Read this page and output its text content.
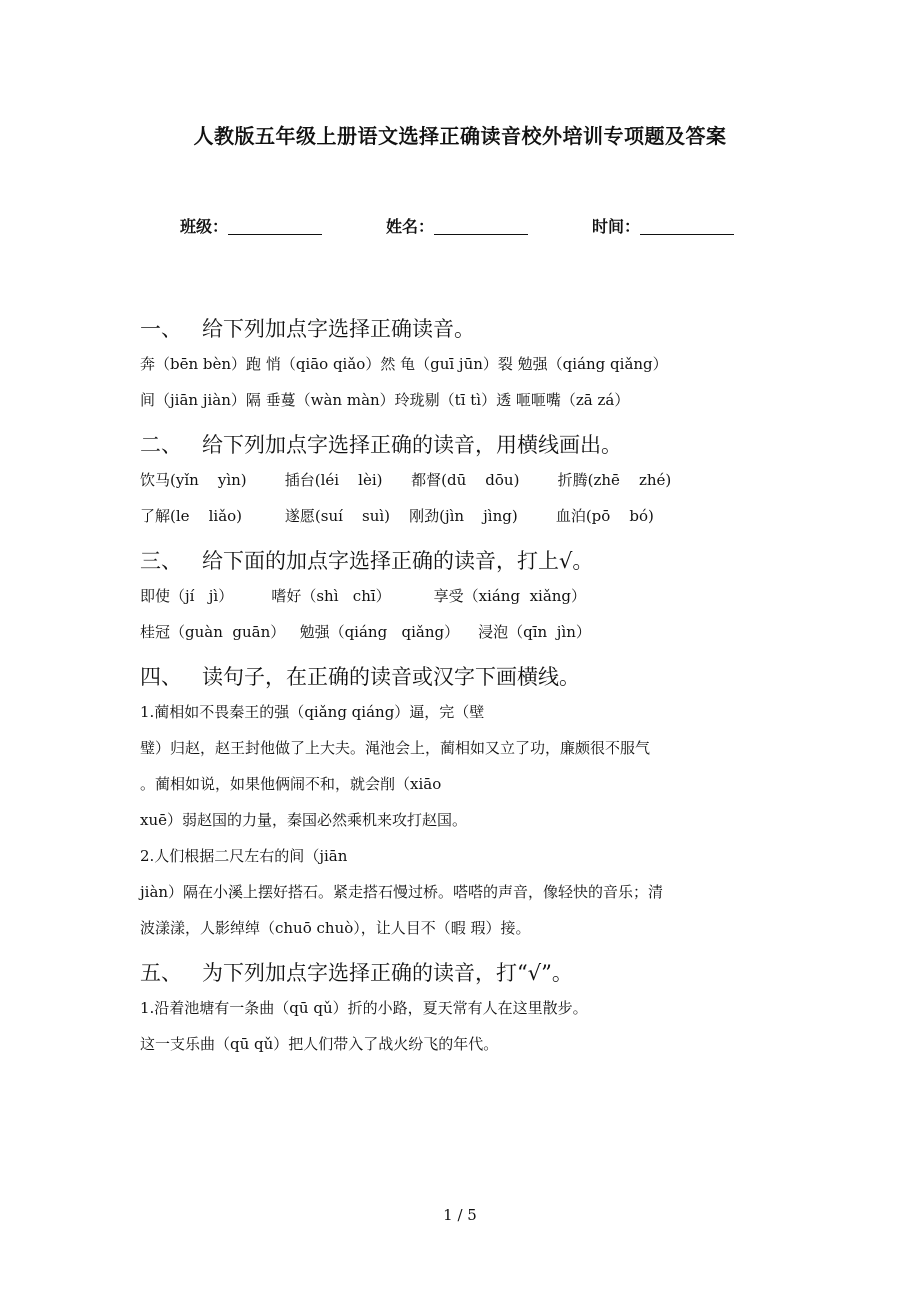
人教版五年级上册语文选择正确读音校外培训专项题及答案
班级：	姓名：	时间：
一、 给下列加点字选择正确读音。
奔（bēn bèn）跑 悄（qiāo qiǎo）然 龟（guī jūn）裂 勉强（qiáng qiǎng）
间（jiān jiàn）隔 垂蔓（wàn màn）玲珑剔（tī tì）透 咂咂嘴（zā zá）
二、 给下列加点字选择正确的读音，用横线画出。
饮马(yǐn    yìn)        插台(léi    lèi)      都督(dū    dōu)        折腾(zhē    zhé)
了解(le    liǎo)         遂愿(suí    suì)    刚劲(jìn    jìng)        血泊(pō    bó)
三、 给下面的加点字选择正确的读音，打上√。
即使（jí   jì）        嗜好（shì   chī）         享受（xiáng  xiǎng）
桂冠（guàn  guān）   勉强（qiáng   qiǎng）    浸泡（qīn  jìn）
四、 读句子，在正确的读音或汉字下画横线。
1.蔺相如不畏秦王的强（qiǎng qiáng）逼，完（壁
璧）归赵，赵王封他做了上大夫。渑池会上，蔺相如又立了功，廉颇很不服气
。蔺相如说，如果他俩闹不和，就会削（xiāo
xuē）弱赵国的力量，秦国必然乘机来攻打赵国。
2.人们根据二尺左右的间（jiān
jiàn）隔在小溪上摆好搭石。紧走搭石慢过桥。嗒嗒的声音，像轻快的音乐；清
波漾漾，人影绰绰（chuō chuò），让人目不（暇 瑕）接。
五、 为下列加点字选择正确的读音，打“√”。
1.沿着池塘有一条曲（qū qǔ）折的小路，夏天常有人在这里散步。
这一支乐曲（qū qǔ）把人们带入了战火纷飞的年代。
1 / 5
